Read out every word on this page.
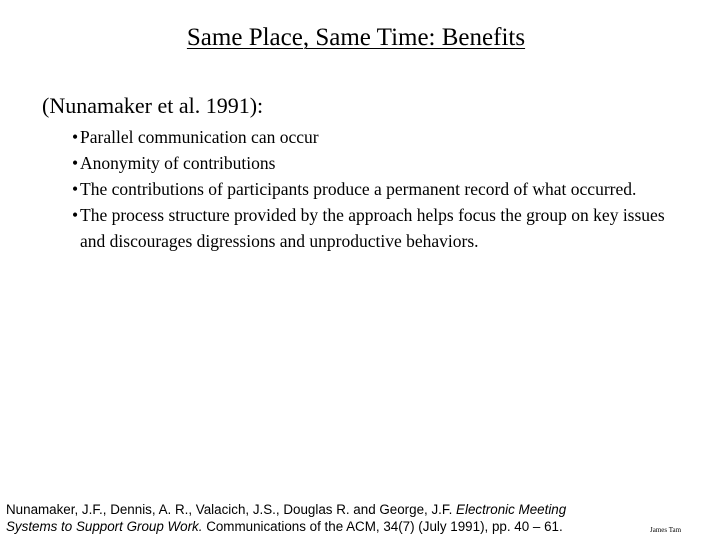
Same Place, Same Time: Benefits
(Nunamaker et al. 1991):
• Parallel communication can occur
• Anonymity of contributions
• The contributions of participants produce a permanent record of what occurred.
• The process structure provided by the approach helps focus the group on key issues and discourages digressions and unproductive behaviors.
Nunamaker, J.F., Dennis, A. R., Valacich, J.S., Douglas R. and George, J.F. Electronic Meeting
Systems to Support Group Work. Communications of the ACM, 34(7) (July 1991), pp. 40 – 61.	James Tam
